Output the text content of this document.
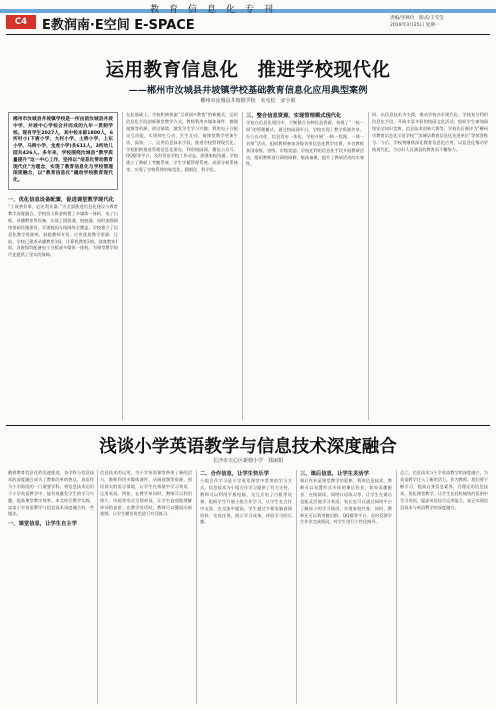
教育信息化专刊
C4	E教润南·E空间 E-SPACE	责编/李秋玲　版式/王雪莹
2019年3月25日 星期一
运用教育信息化　推进学校现代化
——郴州市汝城县井坡镇学校基础教育信息化应用典型案例
郴州市汝城县井坡镇学校　朱宪松　宋小娟
郴州市汝城县井坡镇学校是一所由前汝城县井坡中学、井坡中心学校合并而成的九年一贯制学校。现有学生2027人，其中校本部1800人，6所村小(下唐小学、大村小学、土桥小学、上东小学、马桥小学、龙虎小学)共611人，3所幼儿园共426人。多年来，学校围绕汝城县“教学质量提升”这一中心工作，坚持以“信息化带动教育现代化”为理念，实现了教育信息化与学校管理深度融合，以“教育信息化”撬动学校教育现代化。
一、优化信息设备配置，促进课堂教学现代化
“工欲善其事，必先利其器。”为全面推进信息化建设与教育教学深度融合，学校投入资金购置了多媒体一体机、电子白板、录播教室等设备，实现了班班通、校校通。同时加强网络基础设施建设，实现校园无线网络全覆盖。学校建立了信息化教学资源库，鼓励教师开发、应用优质教学资源。目前，学校已建成录播教室1间、计算机教室2间、创客教室1间，各班级均配备电子白板或多媒体一体机，为课堂教学现代化提供了坚实的保障。
在此基础上，学校积极探索“互联网+教育”的新模式，运用信息化手段创新课堂教学方式。教师利用多媒体课件、微课视频等资源，创设情境，激发学生学习兴趣；利用电子白板交互功能，实现师生互动、生生互动，使课堂教学更加生动、高效。二、运用信息技术手段，推进学校管理现代化。学校积极推进管理信息化建设，利用校园网、微信公众号、QQ群等平台，及时发布学校工作动态，加强家校沟通。学校建立了教职工考勤系统、学生学籍管理系统、成绩分析系统等，实现了学校管理的规范化、精细化、科学化。
三、整合信息资源，实现管理模式现代化
学校在信息化建设中，不断整合各种信息资源，构建了“一校一网”的管理模式。通过校园网平台，学校实现了教学资源共享、办公自动化、信息发布一体化。学校开展“一师一优课、一课一名师”活动，组织教师参加各级各类信息化教学比赛，多名教师获国家级、省级、市级奖励。学校还利用信息化手段开展教研活动，组织教师进行网络研修、集体备课，提升了教研活动的实效性。
四、以信息技术为支撑，推动学校办学现代化。学校充分利用信息化手段，开展丰富多彩的校园文化活动，组织学生参加网络安全知识竞赛、信息技术创新大赛等。学校先后被评为“郴州市教育信息化示范学校”“汝城县教育信息化先进单位”等荣誉称号。今后，学校将继续深化教育信息化应用，以信息化推动学校现代化，为办好人民满意的教育而不懈努力。
浅谈小学英语教学与信息技术深度融合
长沙市天心区新塘小学　郑丽娟
随着教育信息化的迅速推进，各学科与信息技术的深度融合成为了教育改革的热点。英语作为小学阶段的一门重要学科，将信息技术运用于小学英语教学中，能有效激发学生的学习兴趣，提高课堂教学效率。本文结合教学实践，谈谈小学英语教学与信息技术深度融合的一些做法。
一、课堂信息，让学生自主学
信息技术的运用，为小学英语课堂带来了新的活力。教师利用多媒体课件、动画视频等资源，创设真实的语言情境，让学生在情境中学习英语、运用英语。例如，在教学单词时，教师可以利用图片、动画等形式呈现单词，让学生直观地理解单词的意思；在教学对话时，教师可以播放动画视频，让学生模仿角色进行对话练习。
二、合作信息，让学生快乐学
小组合作学习是小学英语课堂中常用的学习方式。信息技术为小组合作学习提供了有力支持。教师可以利用平板电脑、交互式电子白板等设备，组织学生开展小组合作学习，让学生在合作中交流、在交流中提高。学生通过平板电脑查阅资料、完成任务，展示学习成果，体验学习的乐趣。
三、课后信息，让学生灵活学
课后作业是课堂教学的延伸。利用信息技术，教师可以布置形式多样的课后作业，如英语趣配音、在线阅读、网络口语练习等，让学生在课后也能灵活地学习英语。家长也可以通过网络平台了解孩子的学习情况，实现家校共育。同时，教师还可以利用微信群、QQ群等平台，及时反馈学生作业完成情况，对学生进行个性化指导。
总之，信息技术与小学英语教学的深度融合，为英语教学注入了新的活力。作为教师，我们要不断学习，提高自身信息素养，合理运用信息技术，优化课堂教学，让学生在轻松愉快的氛围中学习英语，提高英语综合运用能力，真正实现信息技术与英语教学的深度融合。
